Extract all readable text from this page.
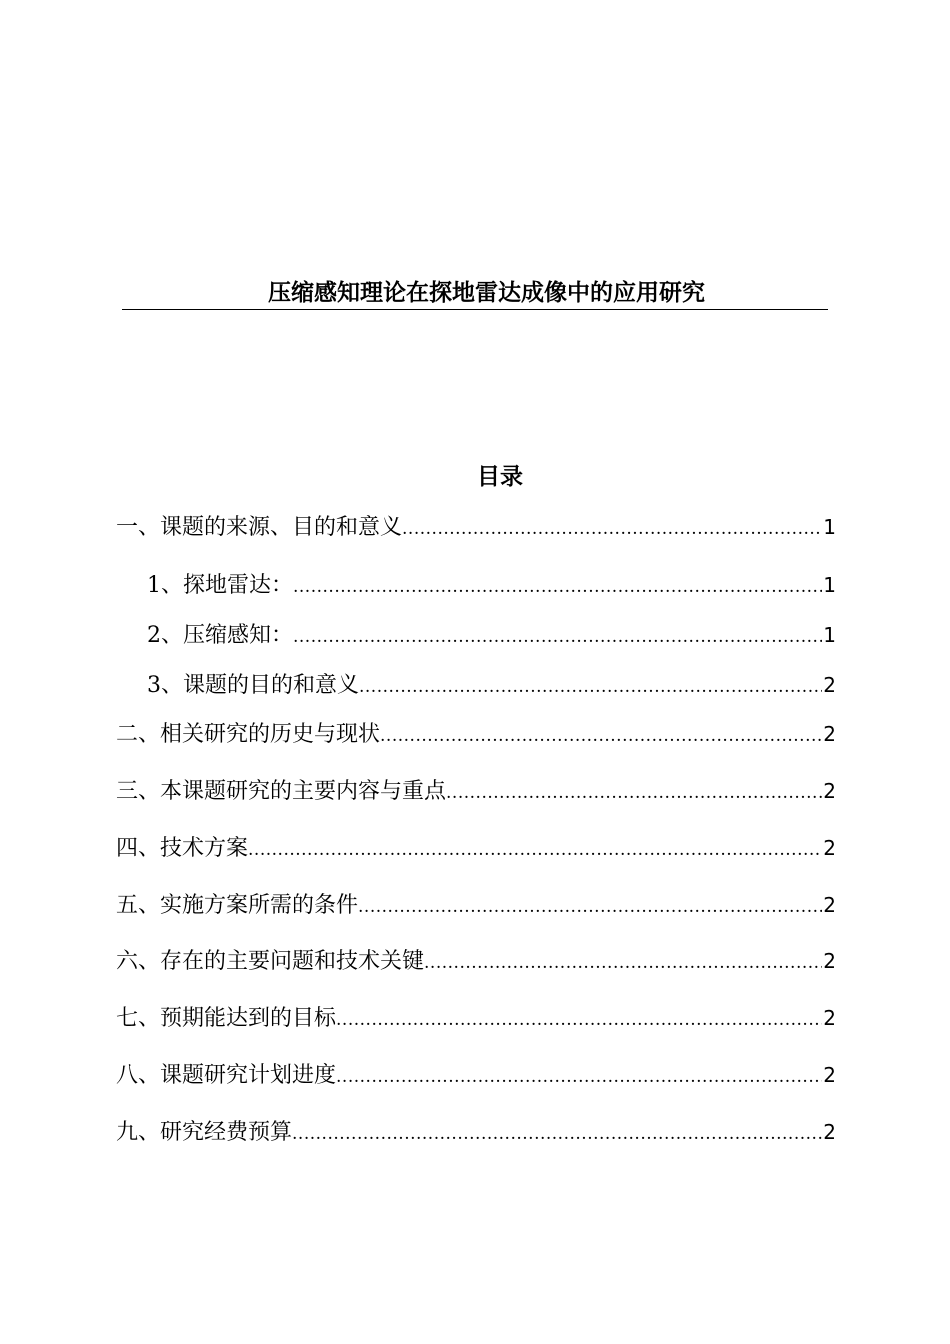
压缩感知理论在探地雷达成像中的应用研究
目录
一、课题的来源、目的和意义 .....	1
1、探地雷达： .....	1
2、压缩感知： .....	1
3、课题的目的和意义 .....	2
二、相关研究的历史与现状 .....	2
三、本课题研究的主要内容与重点 .....	2
四、技术方案 .....	2
五、实施方案所需的条件 .....	2
六、存在的主要问题和技术关键 .....	2
七、预期能达到的目标 .....	2
八、课题研究计划进度 .....	2
九、研究经费预算 .....	2
